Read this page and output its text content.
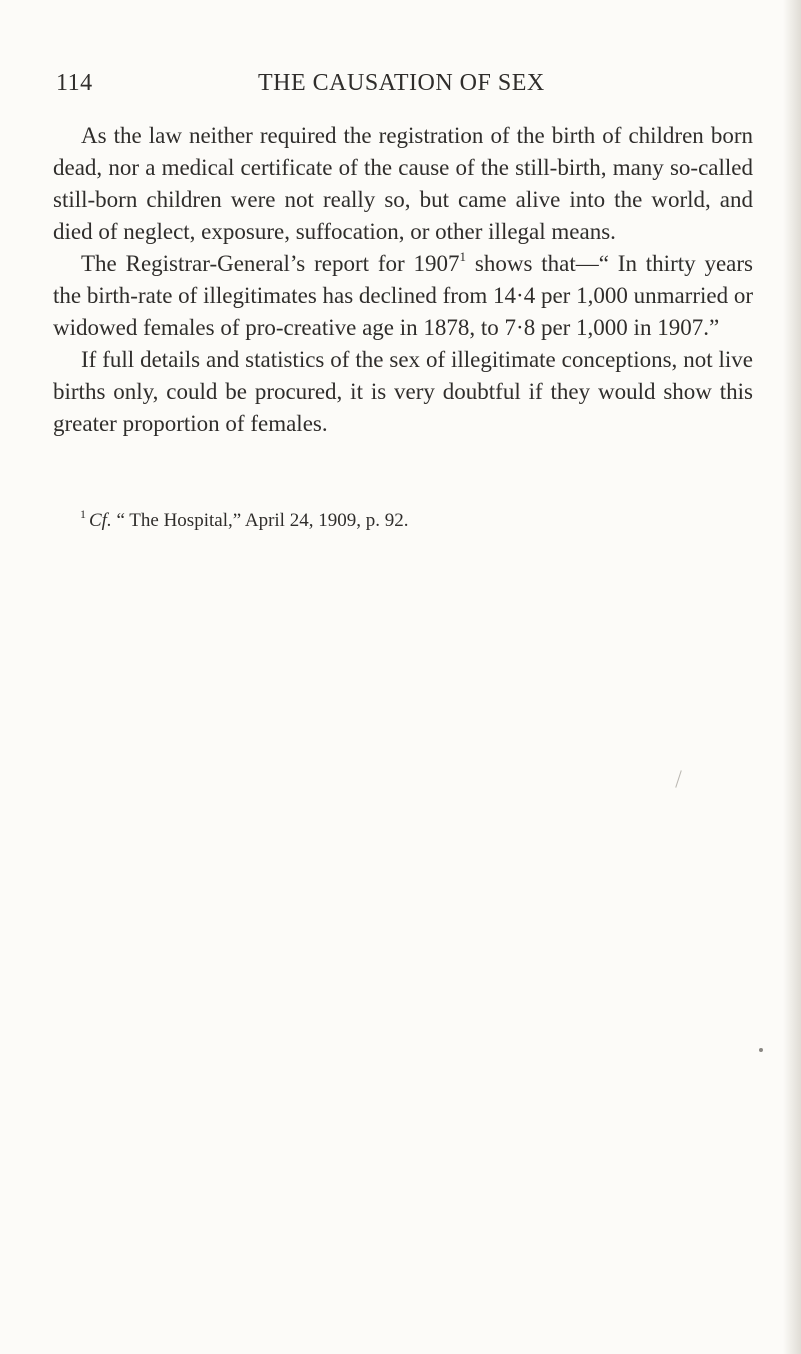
114	THE CAUSATION OF SEX

As the law neither required the registration of the birth of children born dead, nor a medical certificate of the cause of the still-birth, many so-called still-born children were not really so, but came alive into the world, and died of neglect, exposure, suffocation, or other illegal means.

The Registrar-General’s report for 1907$^1$ shows that—“ In thirty years the birth-rate of illegitimates has declined from 14·4 per 1,000 unmarried or widowed females of pro-creative age in 1878, to 7·8 per 1,000 in 1907.”

If full details and statistics of the sex of illegitimate conceptions, not live births only, could be procured, it is very doubtful if they would show this greater proportion of females.

$^1$ Cf. “ The Hospital,” April 24, 1909, p. 92.
